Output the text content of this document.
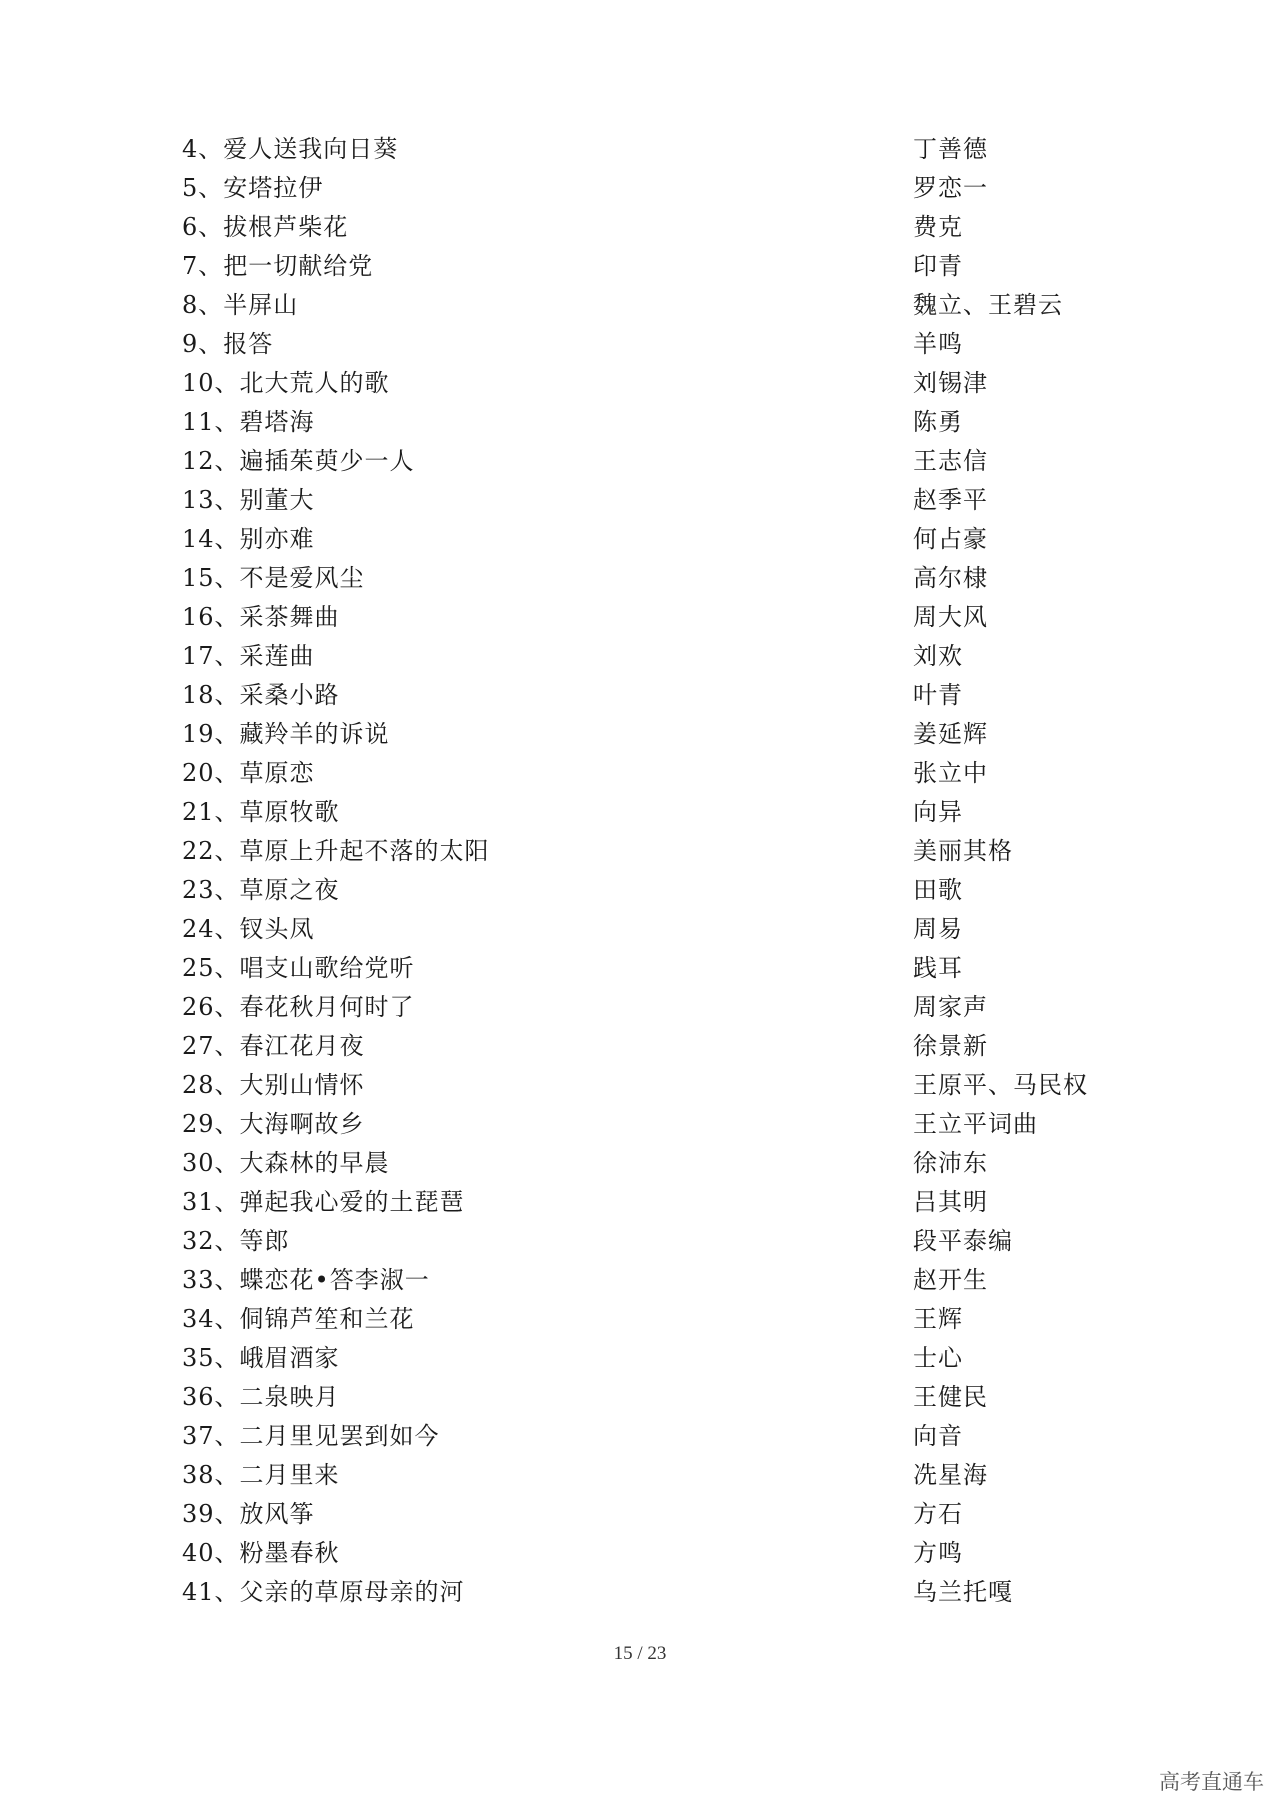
4、爱人送我向日葵	丁善德
5、安塔拉伊	罗恋一
6、拔根芦柴花	费克
7、把一切献给党	印青
8、半屏山	魏立、王碧云
9、报答	羊鸣
10、北大荒人的歌	刘锡津
11、碧塔海	陈勇
12、遍插茱萸少一人	王志信
13、别董大	赵季平
14、别亦难	何占豪
15、不是爱风尘	高尔棣
16、采茶舞曲	周大风
17、采莲曲	刘欢
18、采桑小路	叶青
19、藏羚羊的诉说	姜延辉
20、草原恋	张立中
21、草原牧歌	向异
22、草原上升起不落的太阳	美丽其格
23、草原之夜	田歌
24、钗头凤	周易
25、唱支山歌给党听	践耳
26、春花秋月何时了	周家声
27、春江花月夜	徐景新
28、大别山情怀	王原平、马民权
29、大海啊故乡	王立平词曲
30、大森林的早晨	徐沛东
31、弹起我心爱的土琵琶	吕其明
32、等郎	段平泰编
33、蝶恋花•答李淑一	赵开生
34、侗锦芦笙和兰花	王辉
35、峨眉酒家	士心
36、二泉映月	王健民
37、二月里见罢到如今	向音
38、二月里来	冼星海
39、放风筝	方石
40、粉墨春秋	方鸣
41、父亲的草原母亲的河	乌兰托嘎
15 / 23
高考直通车
